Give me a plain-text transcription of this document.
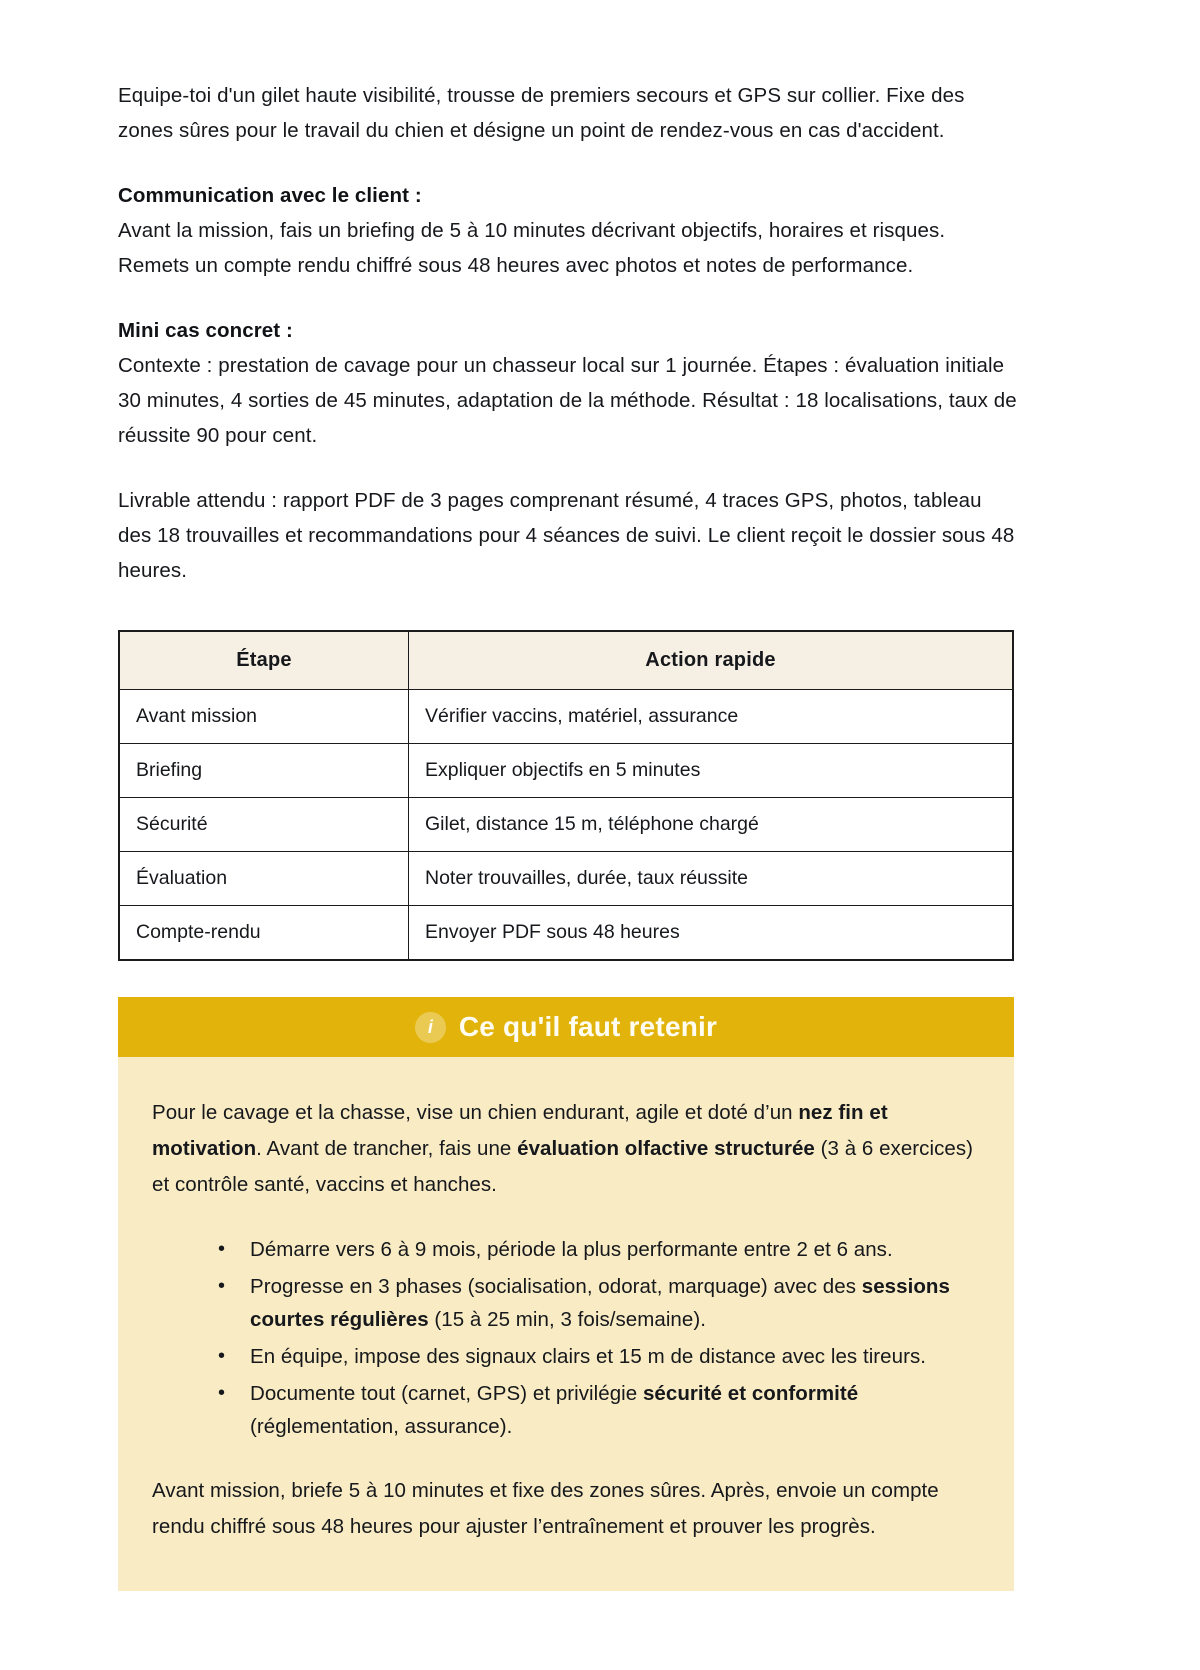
Equipe-toi d'un gilet haute visibilité, trousse de premiers secours et GPS sur collier. Fixe des zones sûres pour le travail du chien et désigne un point de rendez-vous en cas d'accident.

Communication avec le client :

Avant la mission, fais un briefing de 5 à 10 minutes décrivant objectifs, horaires et risques. Remets un compte rendu chiffré sous 48 heures avec photos et notes de performance.

Mini cas concret :

Contexte : prestation de cavage pour un chasseur local sur 1 journée. Étapes : évaluation initiale 30 minutes, 4 sorties de 45 minutes, adaptation de la méthode. Résultat : 18 localisations, taux de réussite 90 pour cent.

Livrable attendu : rapport PDF de 3 pages comprenant résumé, 4 traces GPS, photos, tableau des 18 trouvailles et recommandations pour 4 séances de suivi. Le client reçoit le dossier sous 48 heures.

Étape	Action rapide
Avant mission	Vérifier vaccins, matériel, assurance
Briefing	Expliquer objectifs en 5 minutes
Sécurité	Gilet, distance 15 m, téléphone chargé
Évaluation	Noter trouvailles, durée, taux réussite
Compte-rendu	Envoyer PDF sous 48 heures
i Ce qu'il faut retenir

Pour le cavage et la chasse, vise un chien endurant, agile et doté d’un nez fin et motivation. Avant de trancher, fais une évaluation olfactive structurée (3 à 6 exercices) et contrôle santé, vaccins et hanches.

• Démarre vers 6 à 9 mois, période la plus performante entre 2 et 6 ans.
• Progresse en 3 phases (socialisation, odorat, marquage) avec des sessions courtes régulières (15 à 25 min, 3 fois/semaine).
• En équipe, impose des signaux clairs et 15 m de distance avec les tireurs.
• Documente tout (carnet, GPS) et privilégie sécurité et conformité (réglementation, assurance).

Avant mission, briefe 5 à 10 minutes et fixe des zones sûres. Après, envoie un compte rendu chiffré sous 48 heures pour ajuster l’entraînement et prouver les progrès.
